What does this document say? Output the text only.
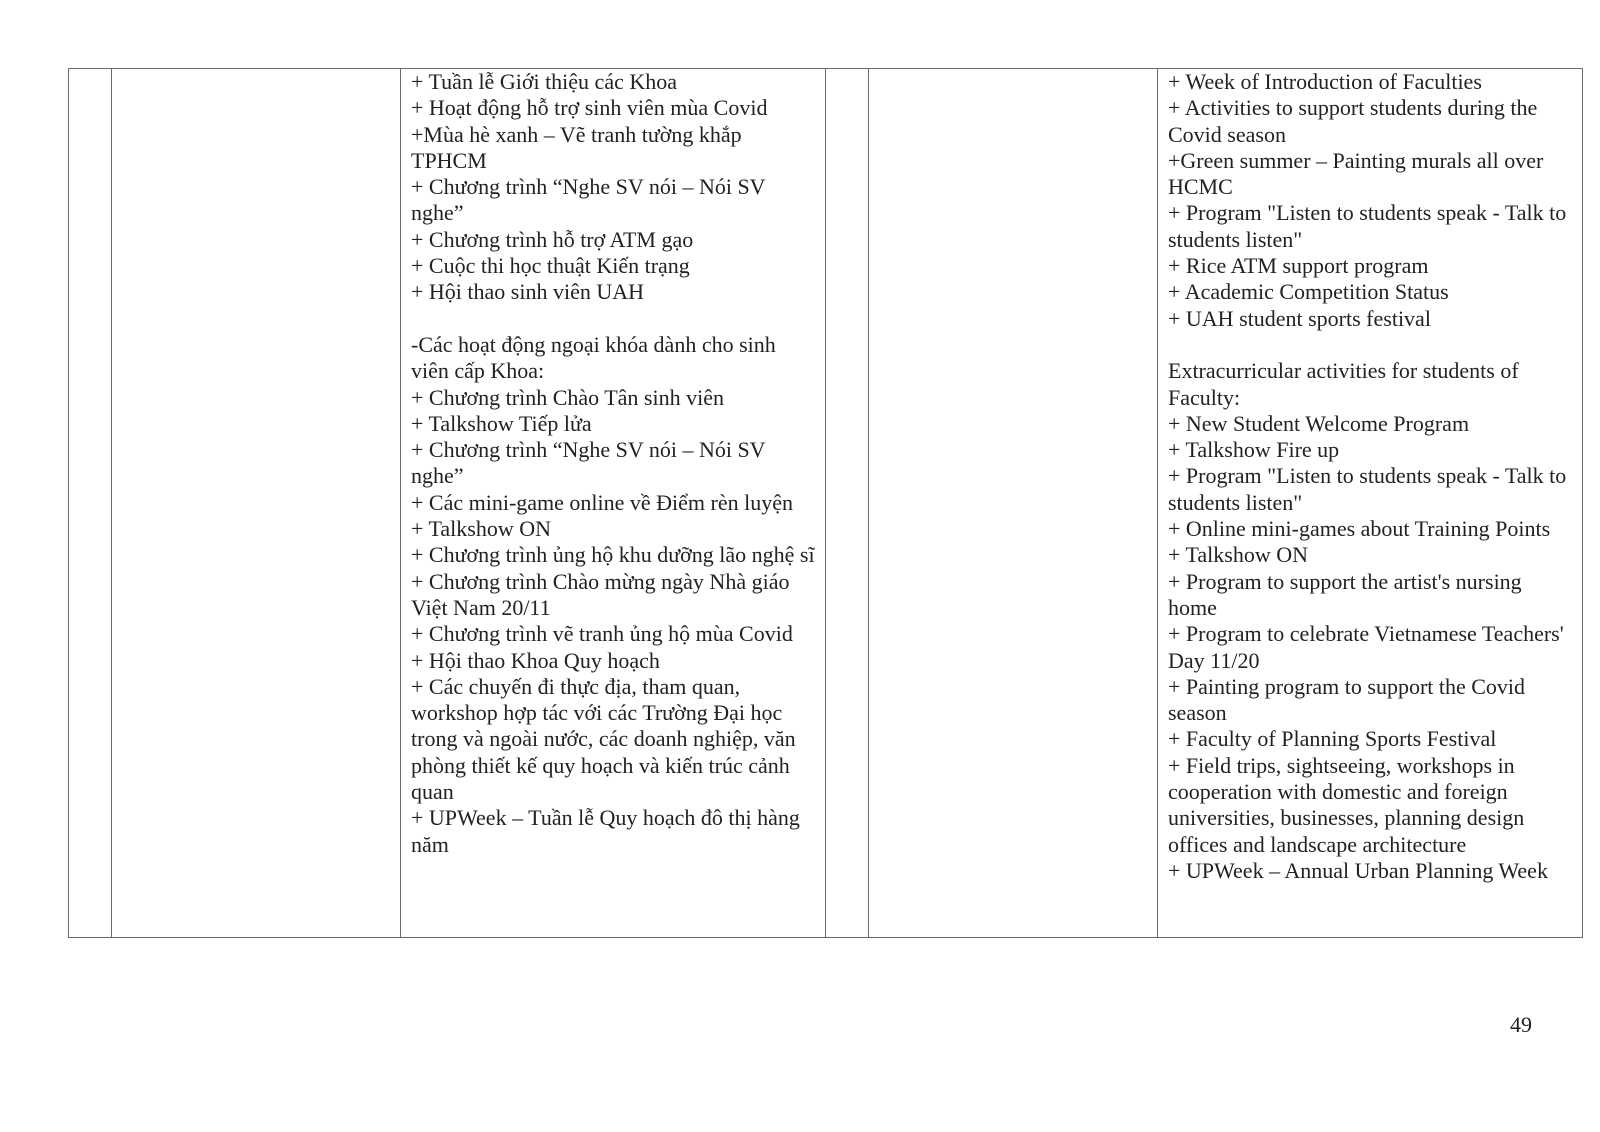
+ Tuần lễ Giới thiệu các Khoa
+ Hoạt động hỗ trợ sinh viên mùa Covid
+Mùa hè xanh – Vẽ tranh tường khắp TPHCM
+ Chương trình “Nghe SV nói – Nói SV nghe”
+ Chương trình hỗ trợ ATM gạo
+ Cuộc thi học thuật Kiến trạng
+ Hội thao sinh viên UAH
-Các hoạt động ngoại khóa dành cho sinh viên cấp Khoa:
+ Chương trình Chào Tân sinh viên
+ Talkshow Tiếp lửa
+ Chương trình “Nghe SV nói – Nói SV nghe”
+ Các mini-game online về Điểm rèn luyện
+ Talkshow ON
+ Chương trình ủng hộ khu dưỡng lão nghệ sĩ
+ Chương trình Chào mừng ngày Nhà giáo Việt Nam 20/11
+ Chương trình vẽ tranh ủng hộ mùa Covid
+ Hội thao Khoa Quy hoạch
+ Các chuyến đi thực địa, tham quan, workshop hợp tác với các Trường Đại học trong và ngoài nước, các doanh nghiệp, văn phòng thiết kế quy hoạch và kiến trúc cảnh quan
+ UPWeek – Tuần lễ Quy hoạch đô thị hàng năm

+ Week of Introduction of Faculties
+ Activities to support students during the Covid season
+Green summer – Painting murals all over HCMC
+ Program "Listen to students speak - Talk to students listen"
+ Rice ATM support program
+ Academic Competition Status
+ UAH student sports festival
Extracurricular activities for students of Faculty:
+ New Student Welcome Program
+ Talkshow Fire up
+ Program "Listen to students speak - Talk to students listen"
+ Online mini-games about Training Points
+ Talkshow ON
+ Program to support the artist's nursing home
+ Program to celebrate Vietnamese Teachers' Day 11/20
+ Painting program to support the Covid season
+ Faculty of Planning Sports Festival
+ Field trips, sightseeing, workshops in cooperation with domestic and foreign universities, businesses, planning design offices and landscape architecture
+ UPWeek – Annual Urban Planning Week
49
